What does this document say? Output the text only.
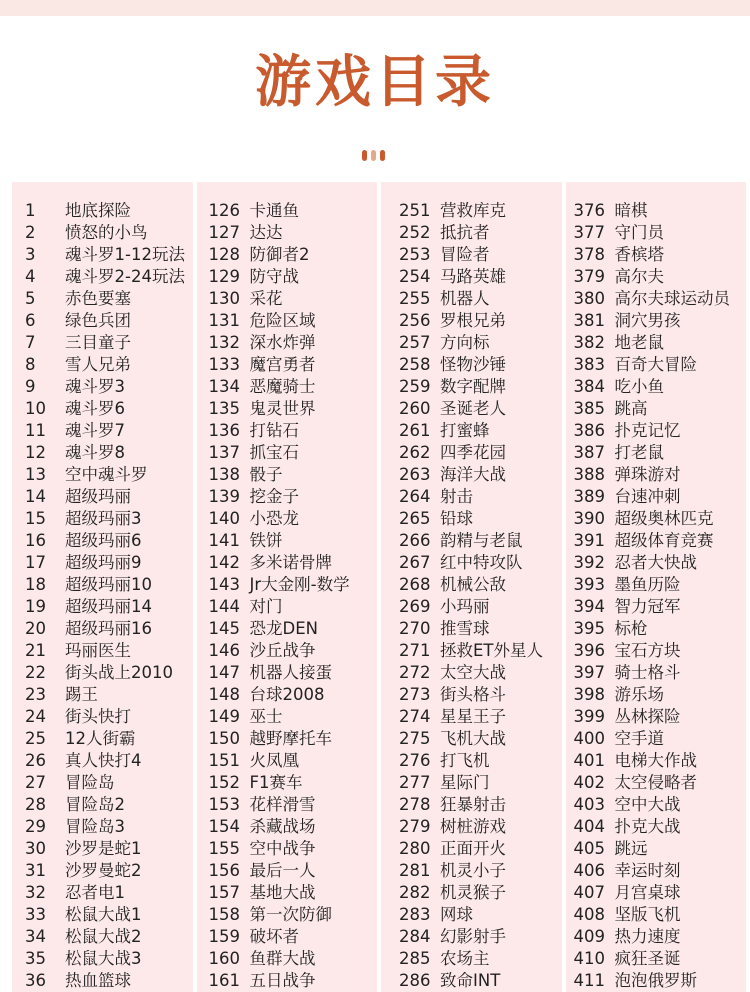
游戏目录
1	地底探险
2	愤怒的小鸟
3	魂斗罗1-12玩法
4	魂斗罗2-24玩法
5	赤色要塞
6	绿色兵团
7	三目童子
8	雪人兄弟
9	魂斗罗3
10	魂斗罗6
11	魂斗罗7
12	魂斗罗8
13	空中魂斗罗
14	超级玛丽
15	超级玛丽3
16	超级玛丽6
17	超级玛丽9
18	超级玛丽10
19	超级玛丽14
20	超级玛丽16
21	玛丽医生
22	街头战上2010
23	踢王
24	街头快打
25	12人街霸
26	真人快打4
27	冒险岛
28	冒险岛2
29	冒险岛3
30	沙罗是蛇1
31	沙罗曼蛇2
32	忍者电1
33	松鼠大战1
34	松鼠大战2
35	松鼠大战3
36	热血篮球
126 卡通鱼
127 达达
128 防御者2
129 防守战
130 采花
131 危险区域
132 深水炸弹
133 魔宫勇者
134 恶魔骑士
135 鬼灵世界
136 打钻石
137 抓宝石
138 骰子
139 挖金子
140 小恐龙
141 铁饼
142 多米诺骨牌
143 Jr大金刚-数学
144 对门
145 恐龙DEN
146 沙丘战争
147 机器人接蛋
148 台球2008
149 巫士
150 越野摩托车
151 火凤凰
152 F1赛车
153 花样滑雪
154 杀藏战场
155 空中战争
156 最后一人
157 基地大战
158 第一次防御
159 破坏者
160 鱼群大战
161 五日战争
251 营救库克
252 抵抗者
253 冒险者
254 马路英雄
255 机器人
256 罗根兄弟
257 方向标
258 怪物沙锤
259 数字配牌
260 圣诞老人
261 打蜜蜂
262 四季花园
263 海洋大战
264 射击
265 铅球
266 韵精与老鼠
267 红中特攻队
268 机械公敌
269 小玛丽
270 推雪球
271 拯救ET外星人
272 太空大战
273 街头格斗
274 星星王子
275 飞机大战
276 打飞机
277 星际门
278 狂暴射击
279 树桩游戏
280 正面开火
281 机灵小子
282 机灵猴子
283 网球
284 幻影射手
285 农场主
286 致命INT
376 暗棋
377 守门员
378 香槟塔
379 高尔夫
380 高尔夫球运动员
381 洞穴男孩
382 地老鼠
383 百奇大冒险
384 吃小鱼
385 跳高
386 扑克记忆
387 打老鼠
388 弹珠游对
389 台速冲刺
390 超级奥林匹克
391 超级体育竞赛
392 忍者大快战
393 墨鱼历险
394 智力冠军
395 标枪
396 宝石方块
397 骑士格斗
398 游乐场
399 丛林探险
400 空手道
401 电梯大作战
402 太空侵略者
403 空中大战
404 扑克大战
405 跳远
406 幸运时刻
407 月宫桌球
408 坚版飞机
409 热力速度
410 疯狂圣诞
411 泡泡俄罗斯
